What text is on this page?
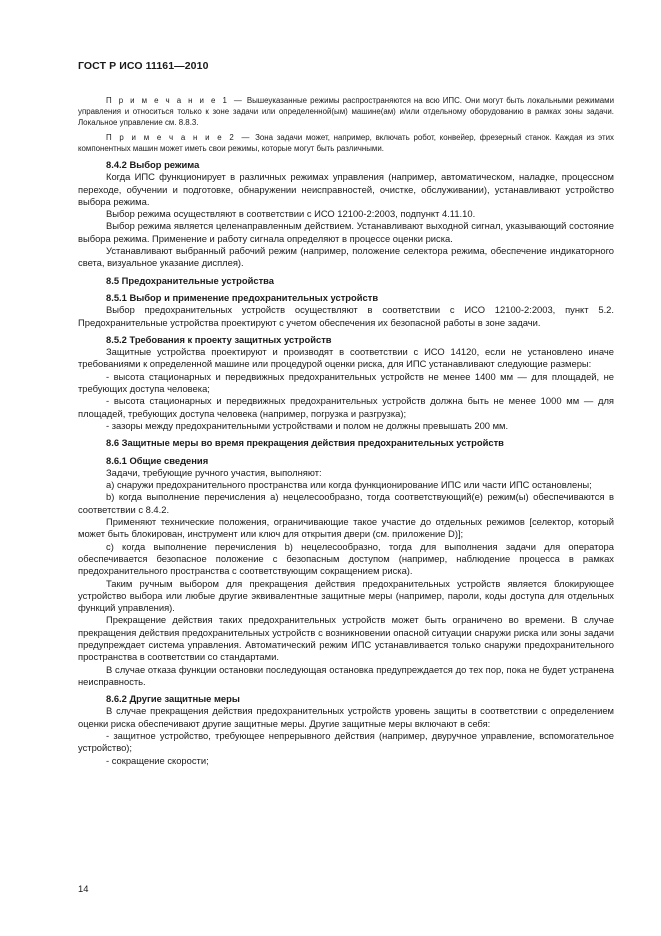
ГОСТ Р ИСО 11161—2010

П р и м е ч а н и е 1 — Вышеуказанные режимы распространяются на всю ИПС. Они могут быть локальными режимами управления и относиться только к зоне задачи или определенной(ым) машине(ам) и/или отдельному оборудованию в рамках зоны задачи. Локальное управление см. 8.8.3.

П р и м е ч а н и е 2 — Зона задачи может, например, включать робот, конвейер, фрезерный станок. Каждая из этих компонентных машин может иметь свои режимы, которые могут быть различными.

8.4.2 Выбор режима

Когда ИПС функционирует в различных режимах управления (например, автоматическом, наладке, процессном переходе, обучении и подготовке, обнаружении неисправностей, очистке, обслуживании), устанавливают устройство выбора режима.

Выбор режима осуществляют в соответствии с ИСО 12100-2:2003, подпункт 4.11.10.

Выбор режима является целенаправленным действием. Устанавливают выходной сигнал, указывающий состояние выбора режима. Применение и работу сигнала определяют в процессе оценки риска.

Устанавливают выбранный рабочий режим (например, положение селектора режима, обеспечение индикаторного света, визуальное указание дисплея).

8.5 Предохранительные устройства

8.5.1 Выбор и применение предохранительных устройств

Выбор предохранительных устройств осуществляют в соответствии с ИСО 12100-2:2003, пункт 5.2. Предохранительные устройства проектируют с учетом обеспечения их безопасной работы в зоне задачи.

8.5.2 Требования к проекту защитных устройств

Защитные устройства проектируют и производят в соответствии с ИСО 14120, если не установлено иначе требованиями к определенной машине или процедурой оценки риска, для ИПС устанавливают следующие размеры:

- высота стационарных и передвижных предохранительных устройств не менее 1400 мм — для площадей, не требующих доступа человека;

- высота стационарных и передвижных предохранительных устройств должна быть не менее 1000 мм — для площадей, требующих доступа человека (например, погрузка и разгрузка);

- зазоры между предохранительными устройствами и полом не должны превышать 200 мм.

8.6 Защитные меры во время прекращения действия предохранительных устройств

8.6.1 Общие сведения

Задачи, требующие ручного участия, выполняют:

а) снаружи предохранительного пространства или когда функционирование ИПС или части ИПС остановлены;

b) когда выполнение перечисления а) нецелесообразно, тогда соответствующий(е) режим(ы) обеспечиваются в соответствии с 8.4.2.

Применяют технические положения, ограничивающие такое участие до отдельных режимов [селектор, который может быть блокирован, инструмент или ключ для открытия двери (см. приложение D)];

с) когда выполнение перечисления b) нецелесообразно, тогда для выполнения задачи для оператора обеспечивается безопасное положение с безопасным доступом (например, наблюдение процесса в рамках предохранительного пространства с соответствующим сокращением риска).

Таким ручным выбором для прекращения действия предохранительных устройств является блокирующее устройство выбора или любые другие эквивалентные защитные меры (например, пароли, коды доступа для отдельных функций управления).

Прекращение действия таких предохранительных устройств может быть ограничено во времени. В случае прекращения действия предохранительных устройств с возникновении опасной ситуации снаружи риска или зоны задачи предупреждает система управления. Автоматический режим ИПС устанавливается только снаружи предохранительного пространства в соответствии со стандартами.

В случае отказа функции остановки последующая остановка предупреждается до тех пор, пока не будет устранена неисправность.

8.6.2 Другие защитные меры

В случае прекращения действия предохранительных устройств уровень защиты в соответствии с определением оценки риска обеспечивают другие защитные меры. Другие защитные меры включают в себя:

- защитное устройство, требующее непрерывного действия (например, двуручное управление, вспомогательное устройство);

- сокращение скорости;

14
